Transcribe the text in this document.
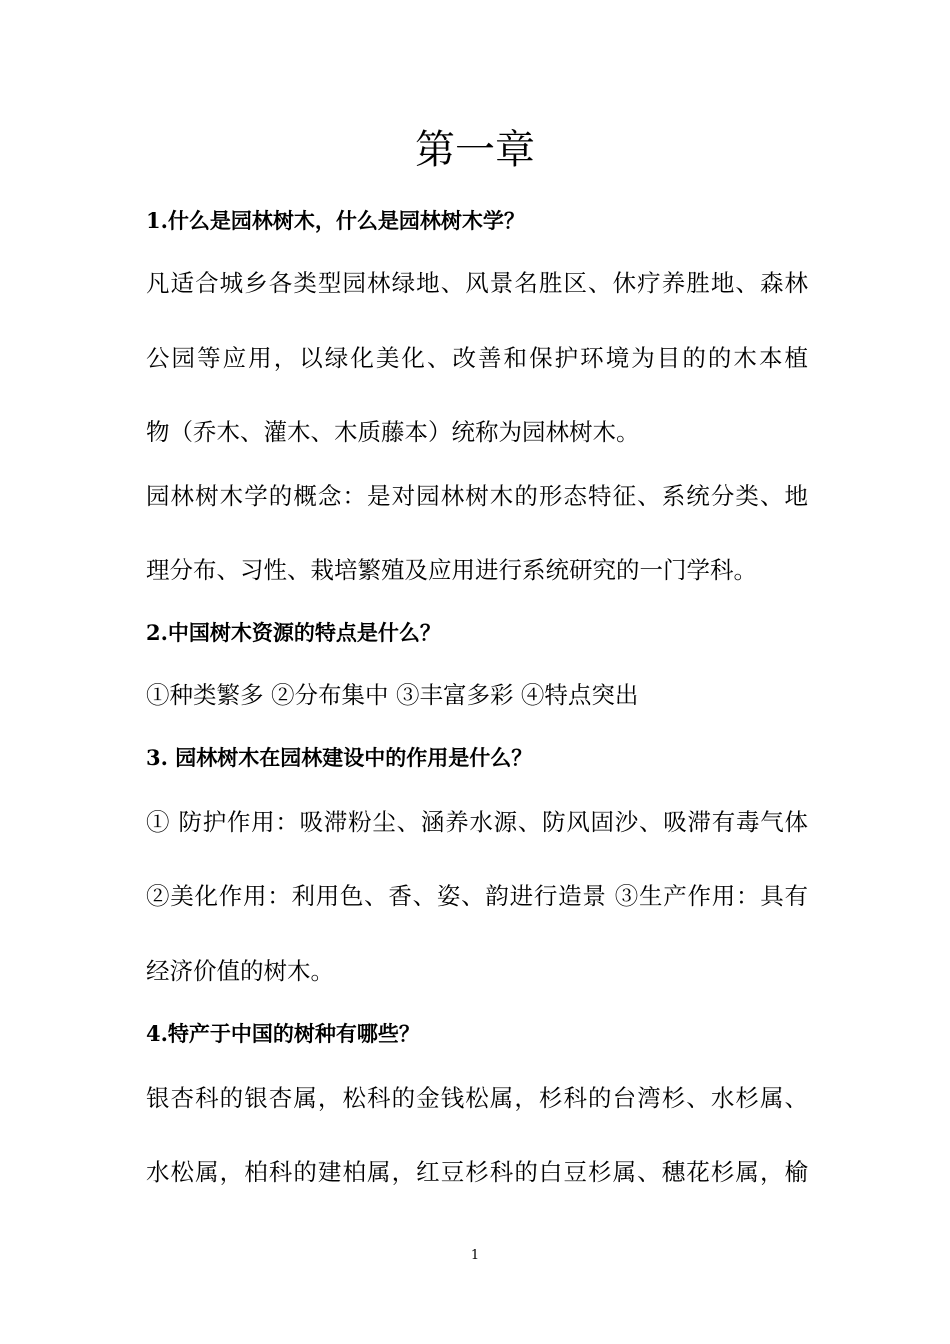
第一章
1.什么是园林树木，什么是园林树木学？

凡适合城乡各类型园林绿地、风景名胜区、休疗养胜地、森林

公园等应用，以绿化美化、改善和保护环境为目的的木本植

物（乔木、灌木、木质藤本）统称为园林树木。

园林树木学的概念：是对园林树木的形态特征、系统分类、地

理分布、习性、栽培繁殖及应用进行系统研究的一门学科。

2.中国树木资源的特点是什么？

①种类繁多 ②分布集中 ③丰富多彩 ④特点突出

3. 园林树木在园林建设中的作用是什么？

① 防护作用：吸滞粉尘、涵养水源、防风固沙、吸滞有毒气体

②美化作用：利用色、香、姿、韵进行造景 ③生产作用：具有

经济价值的树木。

4.特产于中国的树种有哪些？

银杏科的银杏属，松科的金钱松属，杉科的台湾杉、水杉属、

水松属，柏科的建柏属，红豆杉科的白豆杉属、穗花杉属，榆

1
